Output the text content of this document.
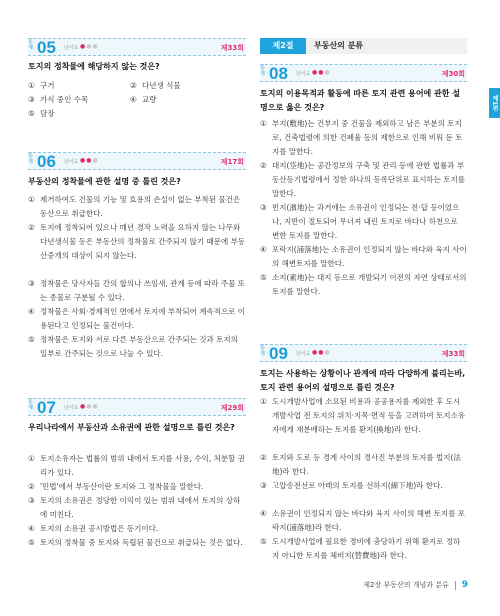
문제 05 난이도 ●●●	제33회
토지의 정착물에 해당하지 않는 것은?
① 구거	② 다년생 식물
③ 가식 중인 수목	④ 교량
⑤ 담장
문제 06 난이도 ●●●	제17회
부동산의 정착물에 관한 설명 중 틀린 것은?
① 제거하여도 건물의 기능 및 효용의 손실이 없는 부착된 물건은 동산으로 취급한다.
② 토지에 정착되어 있으나 매년 경작 노력을 요하지 않는 나무와 다년생식물 등은 부동산의 정착물로 간주되지 않기 때문에 부동산중개의 대상이 되지 않는다.
③ 정착물은 당사자들 간의 합의나 쓰임새, 관계 등에 따라 주물 또는 종물로 구분될 수 있다.
④ 정착물은 사회·경제적인 면에서 토지에 부착되어 계속적으로 이용된다고 인정되는 물건이다.
⑤ 정착물은 토지와 서로 다른 부동산으로 간주되는 것과 토지의 일부로 간주되는 것으로 나눌 수 있다.
문제 07 난이도 ●●●	제29회
우리나라에서 부동산과 소유권에 관한 설명으로 틀린 것은?
① 토지소유자는 법률의 범위 내에서 토지를 사용, 수익, 처분할 권리가 있다.
② '민법'에서 부동산이란 토지와 그 정착물을 말한다.
③ 토지의 소유권은 정당한 이익이 있는 범위 내에서 토지의 상하에 미친다.
④ 토지의 소유권 공시방법은 등기이다.
⑤ 토지의 정착물 중 토지와 독립된 물건으로 취급되는 것은 없다.
제2절	부동산의 분류
문제 08 난이도 ●●●	제30회
토지의 이용목적과 활동에 따른 토지 관련 용어에 관한 설명으로 옳은 것은?
① 부지(敷地)는 건부지 중 건물을 제외하고 남은 부분의 토지로, 건축법령에 의한 건폐율 등의 제한으로 인해 비워 둔 토지를 말한다.
② 대지(垈地)는 공간정보의 구축 및 관리 등에 관한 법률과 부동산등기법령에서 정한 하나의 등록단위로 표시하는 토지를 말한다.
③ 빈지(濱地)는 과거에는 소유권이 인정되는 전·답 등이었으나, 지반이 절토되어 무너져 내린 토지로 바다나 하천으로 변한 토지를 말한다.
④ 포락지(浦落地)는 소유권이 인정되지 않는 바다와 육지 사이의 해변토지를 말한다.
⑤ 소지(素地)는 대지 등으로 개발되기 이전의 자연 상태로서의 토지를 말한다.
문제 09 난이도 ●●●	제33회
토지는 사용하는 상황이나 관계에 따라 다양하게 불리는바, 토지 관련 용어의 설명으로 틀린 것은?
① 도시개발사업에 소요된 비용과 공공용지를 제외한 후 도시개발사업 전 토지의 위치·지목·면적 등을 고려하여 토지소유자에게 재분배하는 토지를 환지(換地)라 한다.
② 토지와 도로 등 경계 사이의 경사진 부분의 토지를 법지(法地)라 한다.
③ 고압송전선로 아래의 토지를 선하지(線下地)라 한다.
④ 소유권이 인정되지 않는 바다와 육지 사이의 해변 토지를 포락지(浦落地)라 한다.
⑤ 도시개발사업에 필요한 경비에 충당하기 위해 환지로 정하지 아니한 토지를 체비지(替費地)라 한다.
제1편
제2장 부동산의 개념과 분류 9
